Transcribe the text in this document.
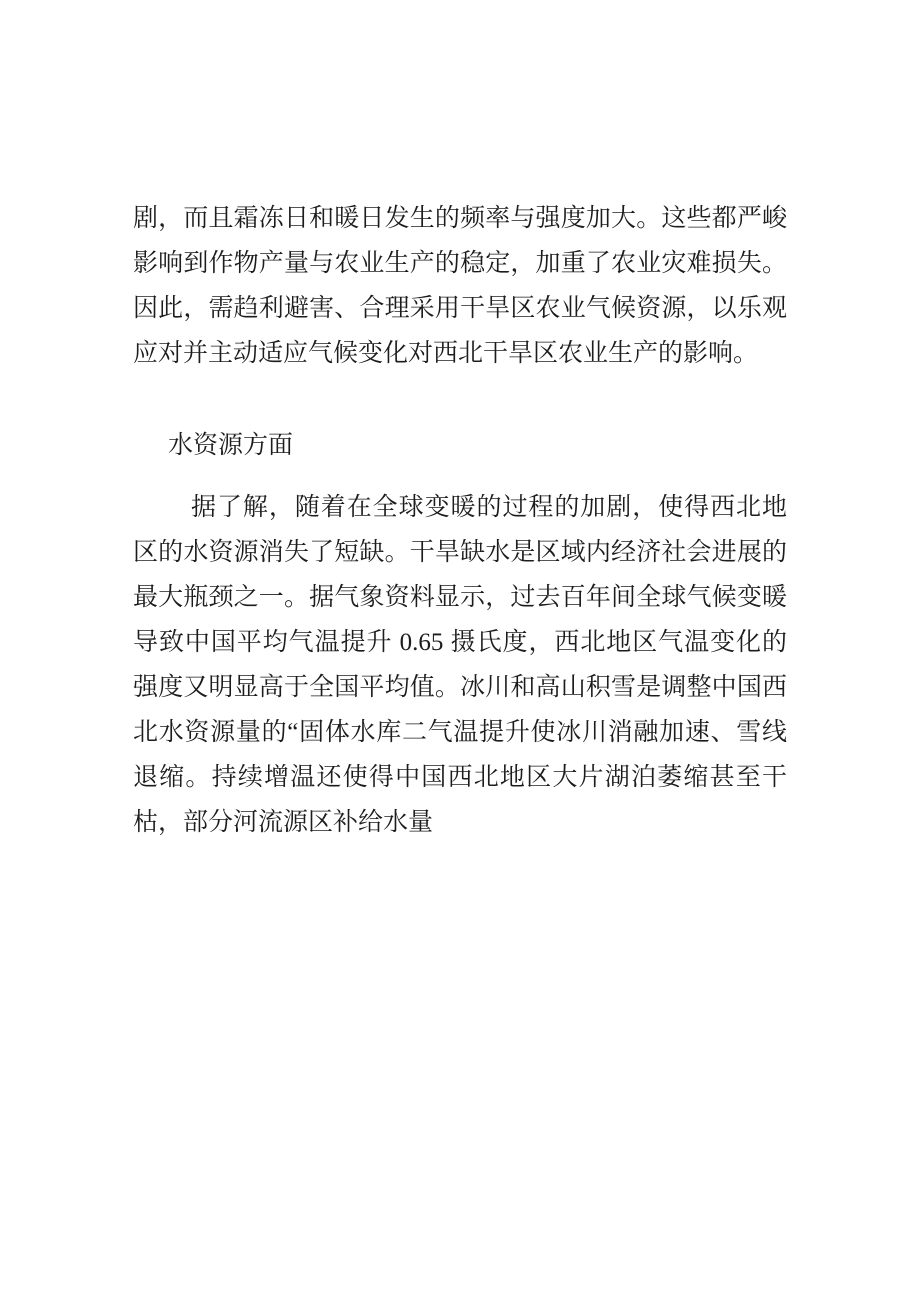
剧，而且霜冻日和暖日发生的频率与强度加大。这些都严峻
影响到作物产量与农业生产的稳定，加重了农业灾难损失。
因此，需趋利避害、合理采用干旱区农业气候资源，以乐观
应对并主动适应气候变化对西北干旱区农业生产的影响。
水资源方面
据了解，随着在全球变暖的过程的加剧，使得西北地
区的水资源消失了短缺。干旱缺水是区域内经济社会进展的
最大瓶颈之一。据气象资料显示，过去百年间全球气候变暖
导致中国平均气温提升 0.65 摄氏度，西北地区气温变化的
强度又明显高于全国平均值。冰川和高山积雪是调整中国西
北水资源量的“固体水库二气温提升使冰川消融加速、雪线
退缩。持续增温还使得中国西北地区大片湖泊萎缩甚至干
枯，部分河流源区补给水量
